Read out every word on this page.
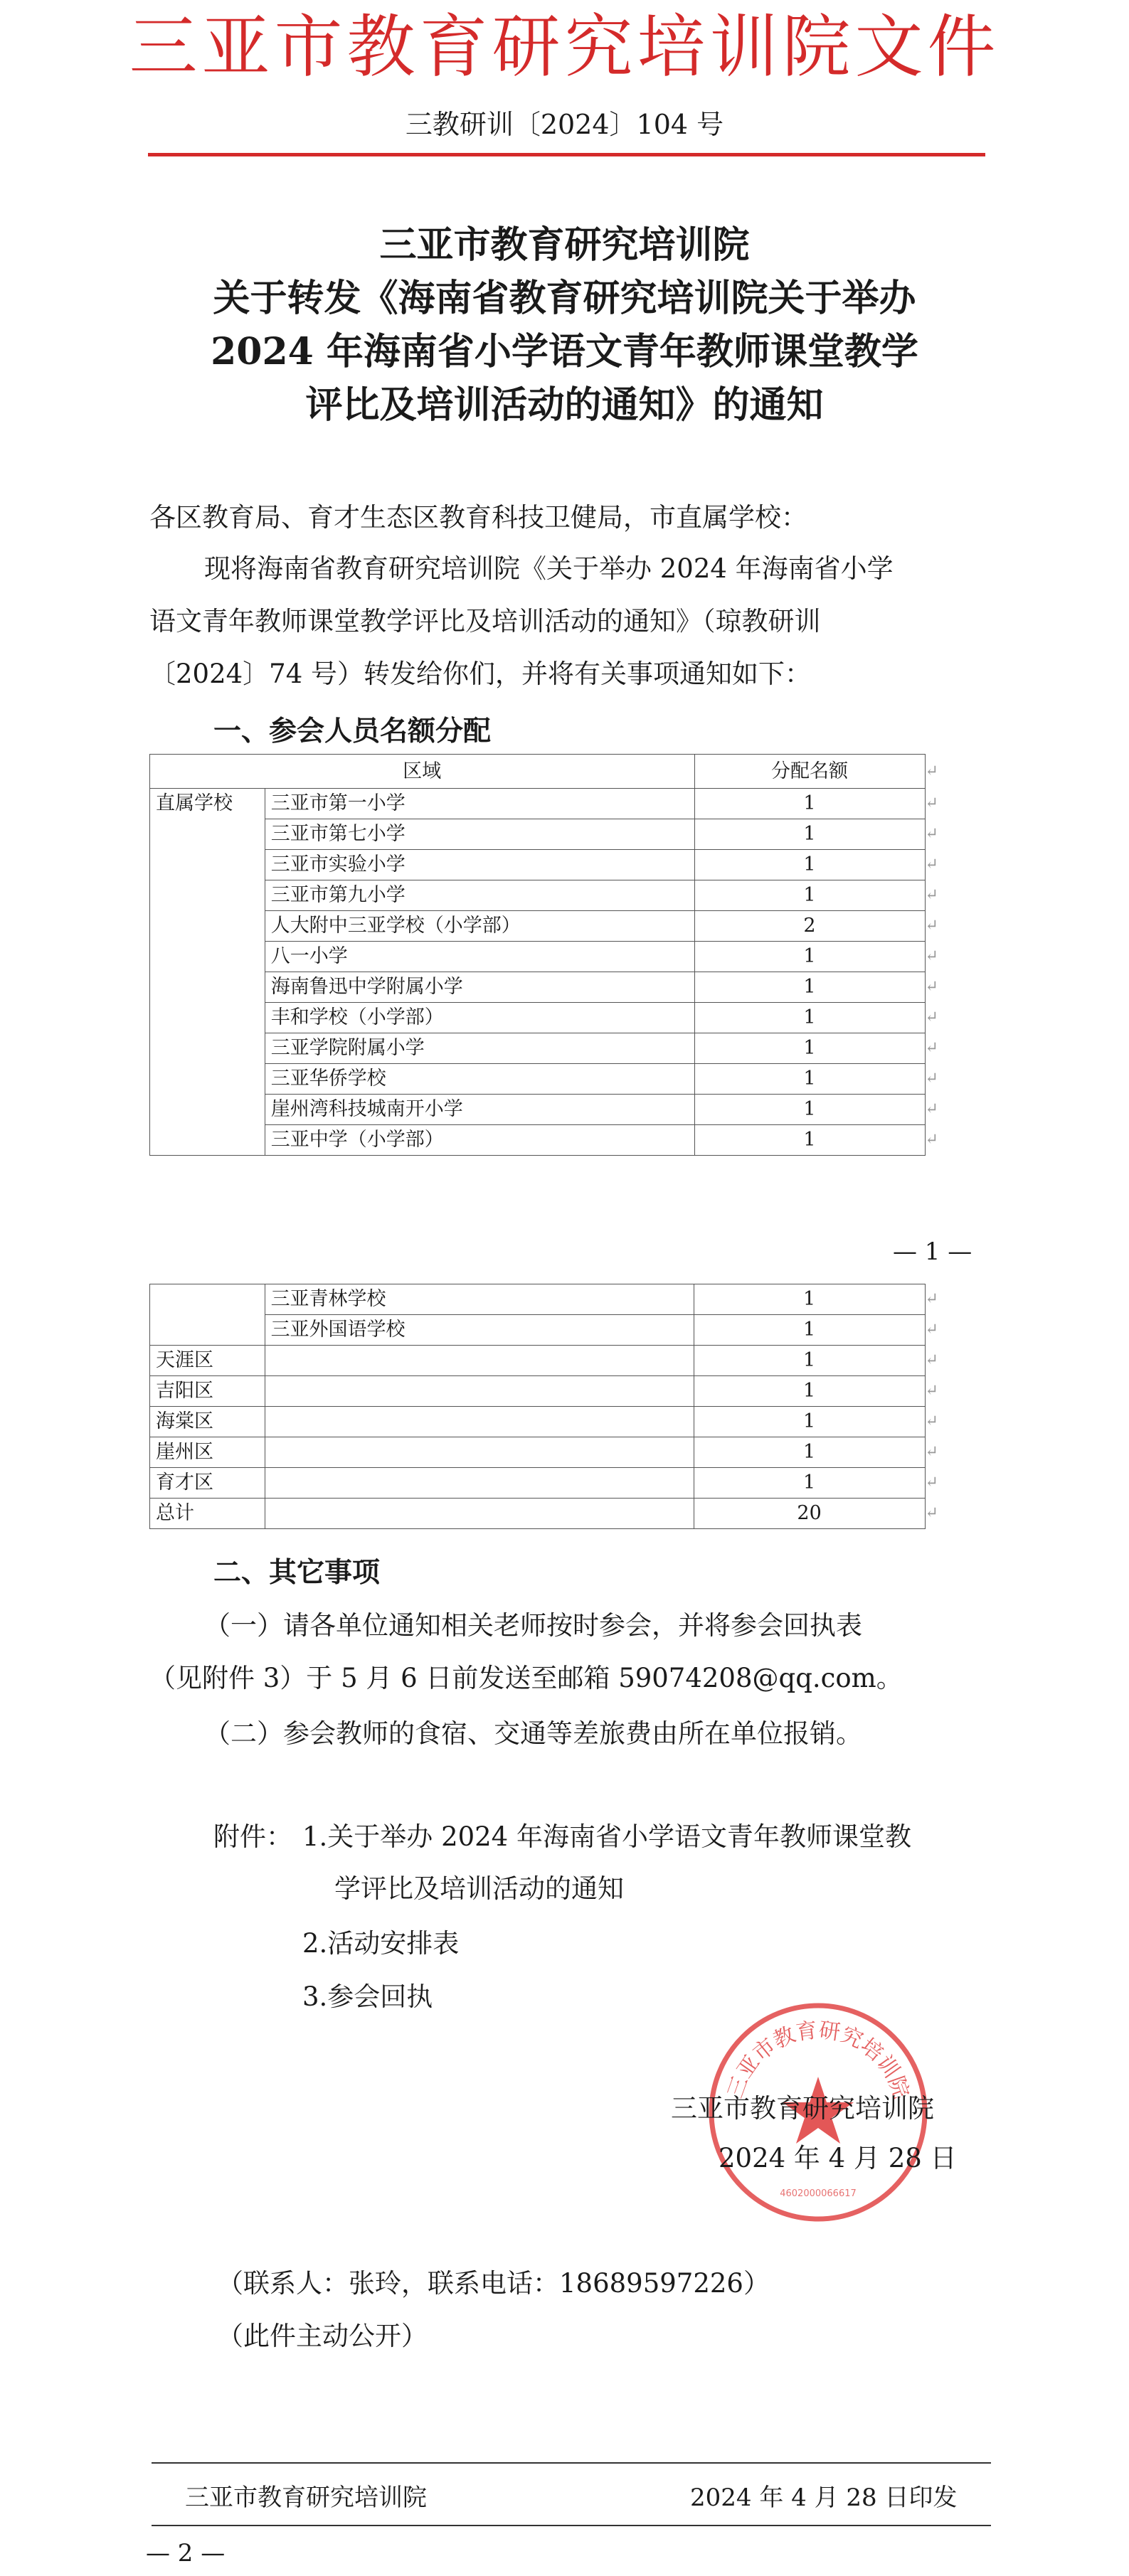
三亚市教育研究培训院文件
三教研训〔2024〕104 号
三亚市教育研究培训院
关于转发《海南省教育研究培训院关于举办
2024 年海南省小学语文青年教师课堂教学
评比及培训活动的通知》的通知
各区教育局、育才生态区教育科技卫健局，市直属学校：
现将海南省教育研究培训院《关于举办 2024 年海南省小学
语文青年教师课堂教学评比及培训活动的通知》（琼教研训
〔2024〕74 号）转发给你们，并将有关事项通知如下：
一、参会人员名额分配
区域		分配名额	↵
直属学校	三亚市第一小学	1	↵
	三亚市第七小学	1	↵
	三亚市实验小学	1	↵
	三亚市第九小学	1	↵
	人大附中三亚学校（小学部）	2	↵
	八一小学	1	↵
	海南鲁迅中学附属小学	1	↵
	丰和学校（小学部）	1	↵
	三亚学院附属小学	1	↵
	三亚华侨学校	1	↵
	崖州湾科技城南开小学	1	↵
	三亚中学（小学部）	1	↵
— 1 —
	三亚青林学校	1	↵
	三亚外国语学校	1	↵
天涯区		1	↵
吉阳区		1	↵
海棠区		1	↵
崖州区		1	↵
育才区		1	↵
总计		20	↵
二、其它事项
（一）请各单位通知相关老师按时参会，并将参会回执表
（见附件 3）于 5 月 6 日前发送至邮箱 59074208@qq.com。
（二）参会教师的食宿、交通等差旅费由所在单位报销。
附件： 1.关于举办 2024 年海南省小学语文青年教师课堂教
学评比及培训活动的通知
2.活动安排表
3.参会回执
三亚市教育研究培训院
4602000066617
三亚市教育研究培训院
2024 年 4 月 28 日
（联系人：张玲，联系电话：18689597226）
（此件主动公开）
三亚市教育研究培训院	2024 年 4 月 28 日印发
— 2 —
